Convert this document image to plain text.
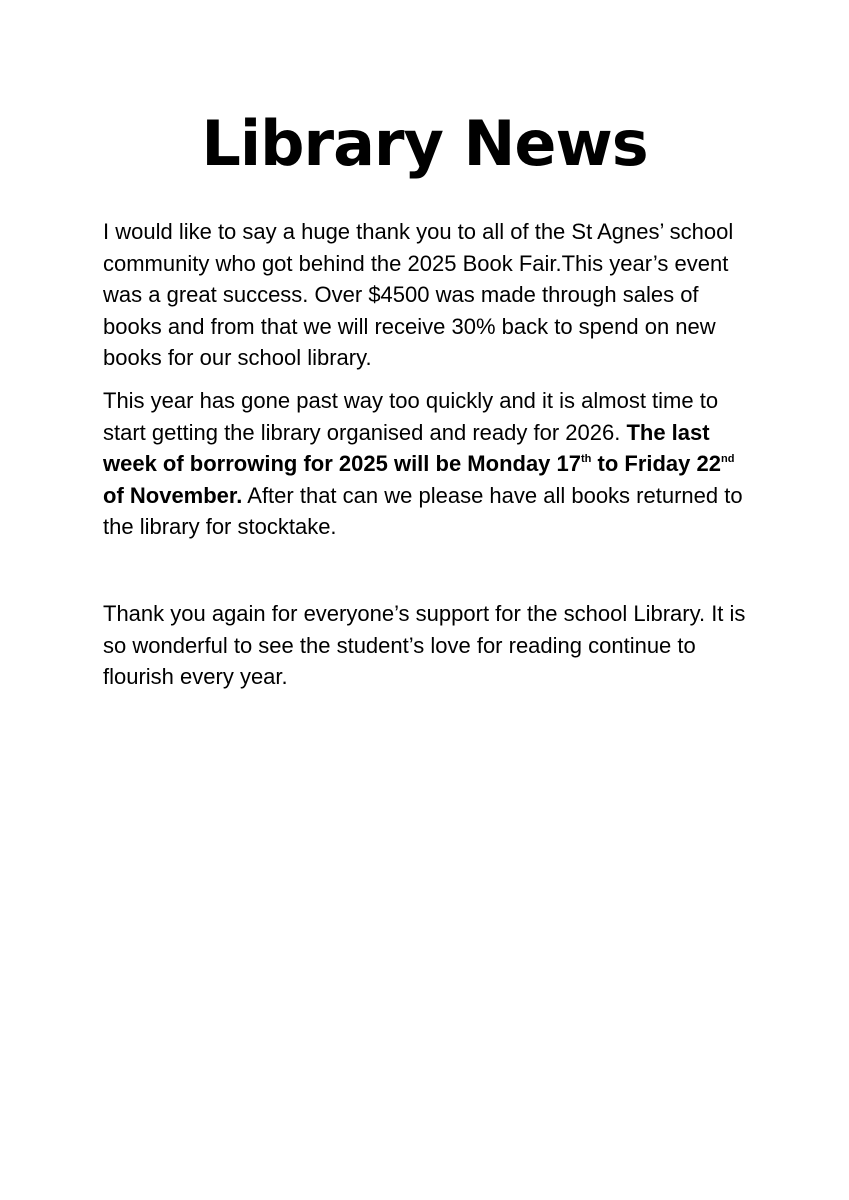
Library News

I would like to say a huge thank you to all of the St Agnes’ school community who got behind the 2025 Book Fair.This year’s event was a great success. Over $4500 was made through sales of books and from that we will receive 30% back to spend on new books for our school library.

This year has gone past way too quickly and it is almost time to start getting the library organised and ready for 2026. The last week of borrowing for 2025 will be Monday 17th to Friday 22nd of November. After that can we please have all books returned to the library for stocktake.

Thank you again for everyone’s support for the school Library. It is so wonderful to see the student’s love for reading continue to flourish every year.
